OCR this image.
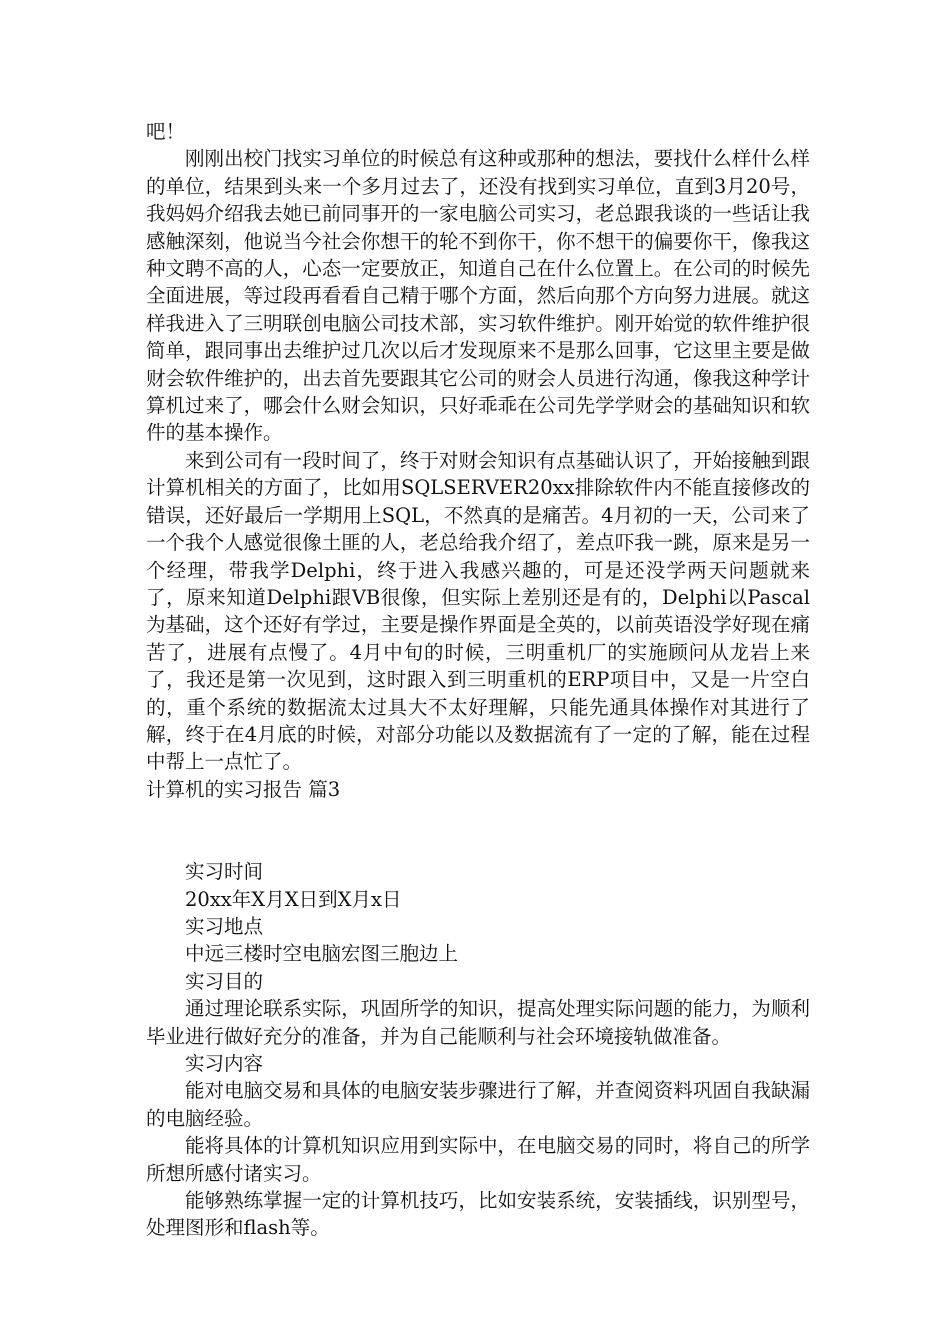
吧！

刚刚出校门找实习单位的时候总有这种或那种的想法，要找什么样什么样的单位，结果到头来一个多月过去了，还没有找到实习单位，直到3月20号，我妈妈介绍我去她已前同事开的一家电脑公司实习，老总跟我谈的一些话让我感触深刻，他说当今社会你想干的轮不到你干，你不想干的偏要你干，像我这种文聘不高的人，心态一定要放正，知道自己在什么位置上。在公司的时候先全面进展，等过段再看看自己精于哪个方面，然后向那个方向努力进展。就这样我进入了三明联创电脑公司技术部，实习软件维护。刚开始觉的软件维护很简单，跟同事出去维护过几次以后才发现原来不是那么回事，它这里主要是做财会软件维护的，出去首先要跟其它公司的财会人员进行沟通，像我这种学计算机过来了，哪会什么财会知识，只好乖乖在公司先学学财会的基础知识和软件的基本操作。

来到公司有一段时间了，终于对财会知识有点基础认识了，开始接触到跟计算机相关的方面了，比如用SQLSERVER20xx排除软件内不能直接修改的错误，还好最后一学期用上SQL，不然真的是痛苦。4月初的一天，公司来了一个我个人感觉很像土匪的人，老总给我介绍了，差点吓我一跳，原来是另一个经理，带我学Delphi，终于进入我感兴趣的，可是还没学两天问题就来了，原来知道Delphi跟VB很像，但实际上差别还是有的，Delphi以Pascal为基础，这个还好有学过，主要是操作界面是全英的，以前英语没学好现在痛苦了，进展有点慢了。4月中旬的时候，三明重机厂的实施顾问从龙岩上来了，我还是第一次见到，这时跟入到三明重机的ERP项目中，又是一片空白的，重个系统的数据流太过具大不太好理解，只能先通具体操作对其进行了解，终于在4月底的时候，对部分功能以及数据流有了一定的了解，能在过程中帮上一点忙了。

计算机的实习报告 篇3

实习时间

20xx年X月X日到X月x日

实习地点

中远三楼时空电脑宏图三胞边上

实习目的

通过理论联系实际，巩固所学的知识，提高处理实际问题的能力，为顺利毕业进行做好充分的准备，并为自己能顺利与社会环境接轨做准备。

实习内容

能对电脑交易和具体的电脑安装步骤进行了解，并查阅资料巩固自我缺漏的电脑经验。

能将具体的计算机知识应用到实际中，在电脑交易的同时，将自己的所学所想所感付诸实习。

能够熟练掌握一定的计算机技巧，比如安装系统，安装插线，识别型号，处理图形和flash等。
